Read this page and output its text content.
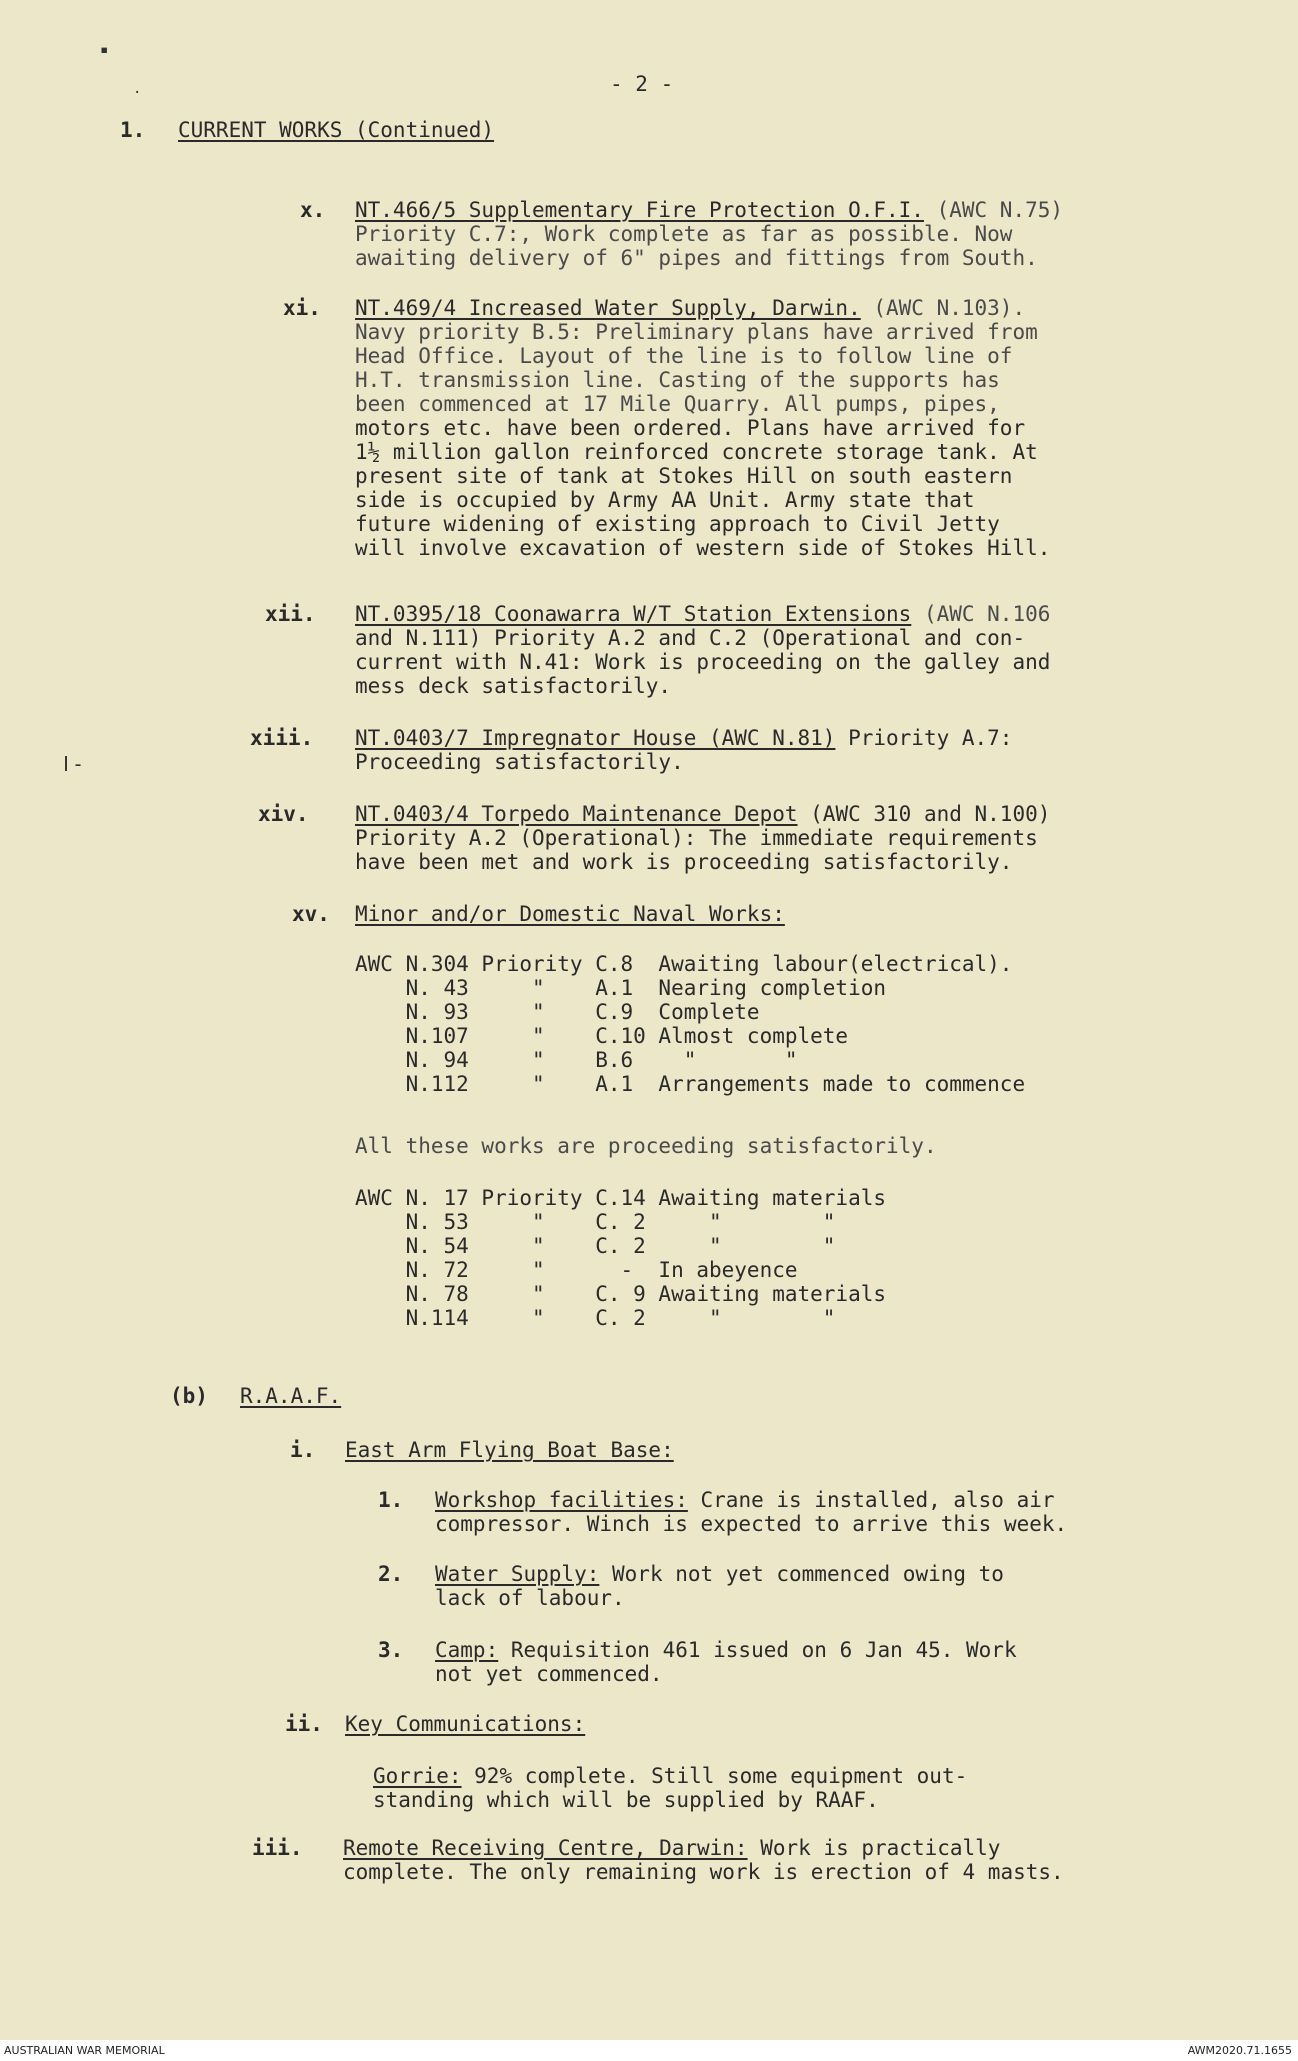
▪
·	- 2 -
1. CURRENT WORKS (Continued)
x. NT.466/5 Supplementary Fire Protection O.F.I. (AWC N.75)
Priority C.7:, Work complete as far as possible. Now
awaiting delivery of 6" pipes and fittings from South.
xi. NT.469/4 Increased Water Supply, Darwin. (AWC N.103).
Navy priority B.5: Preliminary plans have arrived from
Head Office. Layout of the line is to follow line of
H.T. transmission line. Casting of the supports has
been commenced at 17 Mile Quarry. All pumps, pipes,
motors etc. have been ordered. Plans have arrived for
1½ million gallon reinforced concrete storage tank. At
present site of tank at Stokes Hill on south eastern
side is occupied by Army AA Unit. Army state that
future widening of existing approach to Civil Jetty
will involve excavation of western side of Stokes Hill.
xii. NT.0395/18 Coonawarra W/T Station Extensions (AWC N.106
and N.111) Priority A.2 and C.2 (Operational and con-
current with N.41: Work is proceeding on the galley and
mess deck satisfactorily.
xiii. NT.0403/7 Impregnator House (AWC N.81) Priority A.7:
Proceeding satisfactorily.
ǀ-
xiv. NT.0403/4 Torpedo Maintenance Depot (AWC 310 and N.100)
Priority A.2 (Operational): The immediate requirements
have been met and work is proceeding satisfactorily.
xv. Minor and/or Domestic Naval Works:
AWC N.304 Priority C.8  Awaiting labour(electrical).
N. 43     "    A.1  Nearing completion
N. 93     "    C.9  Complete
N.107     "    C.10 Almost complete
N. 94     "    B.6    "       "
N.112     "    A.1  Arrangements made to commence
All these works are proceeding satisfactorily.
AWC N. 17 Priority C.14 Awaiting materials
N. 53     "    C. 2     "        "
N. 54     "    C. 2     "        "
N. 72     "      -  In abeyence
N. 78     "    C. 9 Awaiting materials
N.114     "    C. 2     "        "
(b) R.A.A.F.
i. East Arm Flying Boat Base:
1. Workshop facilities: Crane is installed, also air
compressor. Winch is expected to arrive this week.
2. Water Supply: Work not yet commenced owing to
lack of labour.
3. Camp: Requisition 461 issued on 6 Jan 45. Work
not yet commenced.
ii. Key Communications:
Gorrie: 92% complete. Still some equipment out-
standing which will be supplied by RAAF.
iii. Remote Receiving Centre, Darwin: Work is practically
complete. The only remaining work is erection of 4 masts.
AUSTRALIAN WAR MEMORIAL	AWM2020.71.1655
